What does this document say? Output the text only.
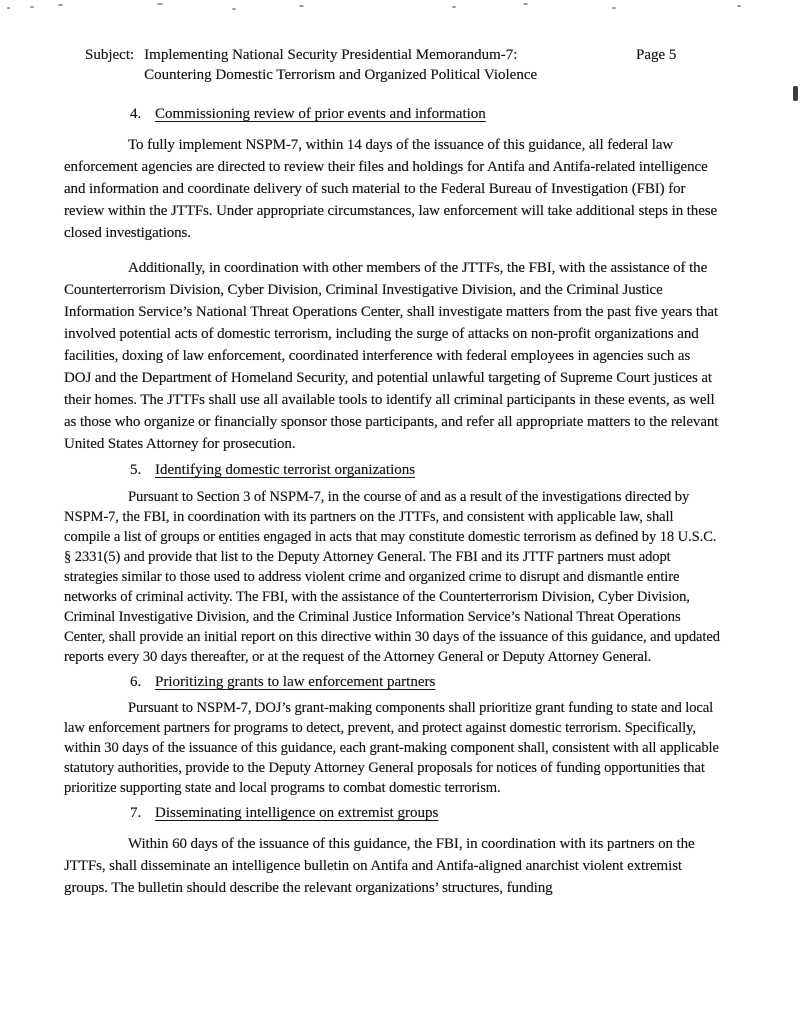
Page 5
Subject: Implementing National Security Presidential Memorandum-7:
Countering Domestic Terrorism and Organized Political Violence
4. Commissioning review of prior events and information

To fully implement NSPM-7, within 14 days of the issuance of this guidance, all federal law enforcement agencies are directed to review their files and holdings for Antifa and Antifa-related intelligence and information and coordinate delivery of such material to the Federal Bureau of Investigation (FBI) for review within the JTTFs. Under appropriate circumstances, law enforcement will take additional steps in these closed investigations.

Additionally, in coordination with other members of the JTTFs, the FBI, with the assistance of the Counterterrorism Division, Cyber Division, Criminal Investigative Division, and the Criminal Justice Information Service’s National Threat Operations Center, shall investigate matters from the past five years that involved potential acts of domestic terrorism, including the surge of attacks on non-profit organizations and facilities, doxing of law enforcement, coordinated interference with federal employees in agencies such as DOJ and the Department of Homeland Security, and potential unlawful targeting of Supreme Court justices at their homes. The JTTFs shall use all available tools to identify all criminal participants in these events, as well as those who organize or financially sponsor those participants, and refer all appropriate matters to the relevant United States Attorney for prosecution.

5. Identifying domestic terrorist organizations

Pursuant to Section 3 of NSPM-7, in the course of and as a result of the investigations directed by NSPM-7, the FBI, in coordination with its partners on the JTTFs, and consistent with applicable law, shall compile a list of groups or entities engaged in acts that may constitute domestic terrorism as defined by 18 U.S.C. § 2331(5) and provide that list to the Deputy Attorney General. The FBI and its JTTF partners must adopt strategies similar to those used to address violent crime and organized crime to disrupt and dismantle entire networks of criminal activity. The FBI, with the assistance of the Counterterrorism Division, Cyber Division, Criminal Investigative Division, and the Criminal Justice Information Service’s National Threat Operations Center, shall provide an initial report on this directive within 30 days of the issuance of this guidance, and updated reports every 30 days thereafter, or at the request of the Attorney General or Deputy Attorney General.

6. Prioritizing grants to law enforcement partners

Pursuant to NSPM-7, DOJ’s grant-making components shall prioritize grant funding to state and local law enforcement partners for programs to detect, prevent, and protect against domestic terrorism. Specifically, within 30 days of the issuance of this guidance, each grant-making component shall, consistent with all applicable statutory authorities, provide to the Deputy Attorney General proposals for notices of funding opportunities that prioritize supporting state and local programs to combat domestic terrorism.

7. Disseminating intelligence on extremist groups

Within 60 days of the issuance of this guidance, the FBI, in coordination with its partners on the JTTFs, shall disseminate an intelligence bulletin on Antifa and Antifa-aligned anarchist violent extremist groups. The bulletin should describe the relevant organizations’ structures, funding
